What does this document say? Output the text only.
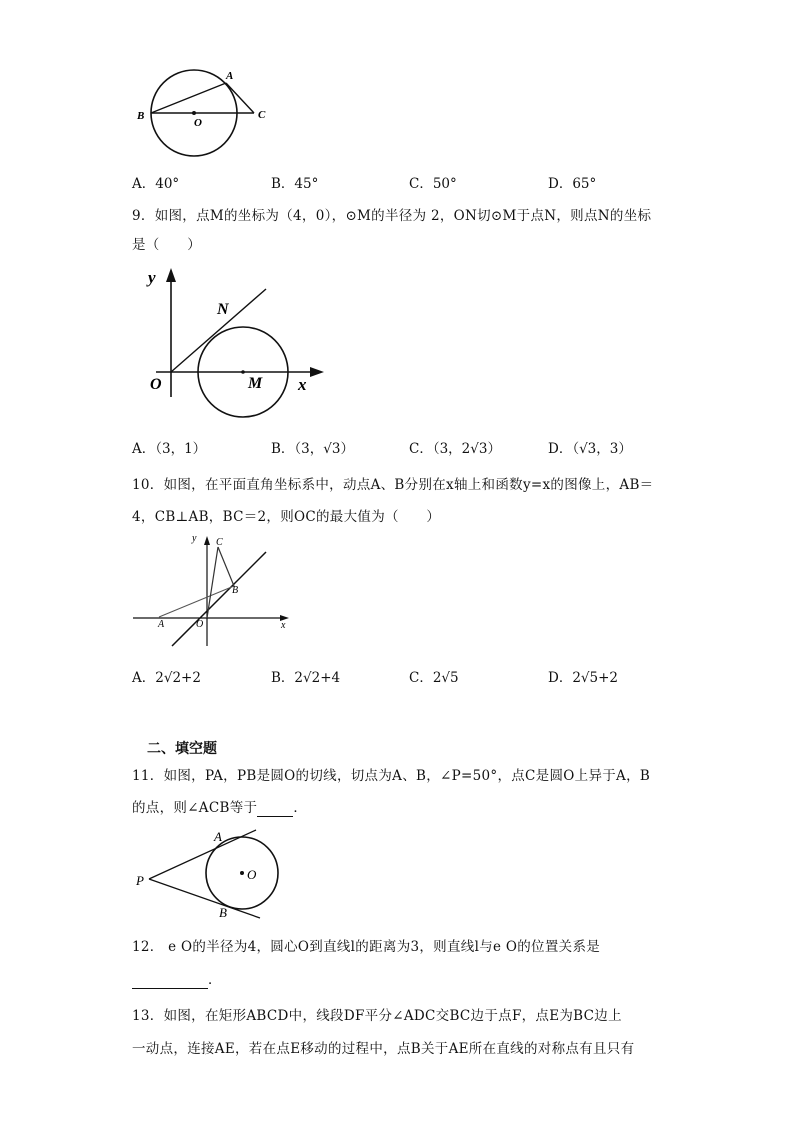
A
B
O
C
A．40°	B．45°	C．50°	D．65°
9．如图，点M的坐标为（4，0），⊙M的半径为 2，ON切⊙M于点N，则点N的坐标
是（　　）
y
N
O	M x
A．（3，1）	B．（3，√3）	C．（3，2√3）	D．（√3，3）
10．如图，在平面直角坐标系中，动点A、B分别在x轴上和函数y=x的图像上，AB＝
4，CB⊥AB，BC＝2，则OC的最大值为（　　）
y C
B
A	O	x
A．2√2+2	B．2√2+4	C．2√5	D．2√5+2
二、填空题
11．如图，PA，PB是圆O的切线，切点为A、B，∠P=50°，点C是圆O上异于A，B
的点，则∠ACB等于	．
A
P	O
B
12． e O的半径为4，圆心O到直线l的距离为3，则直线l与e O的位置关系是
．
13．如图，在矩形ABCD中，线段DF平分∠ADC交BC边于点F，点E为BC边上
一动点，连接AE，若在点E移动的过程中，点B关于AE所在直线的对称点有且只有
